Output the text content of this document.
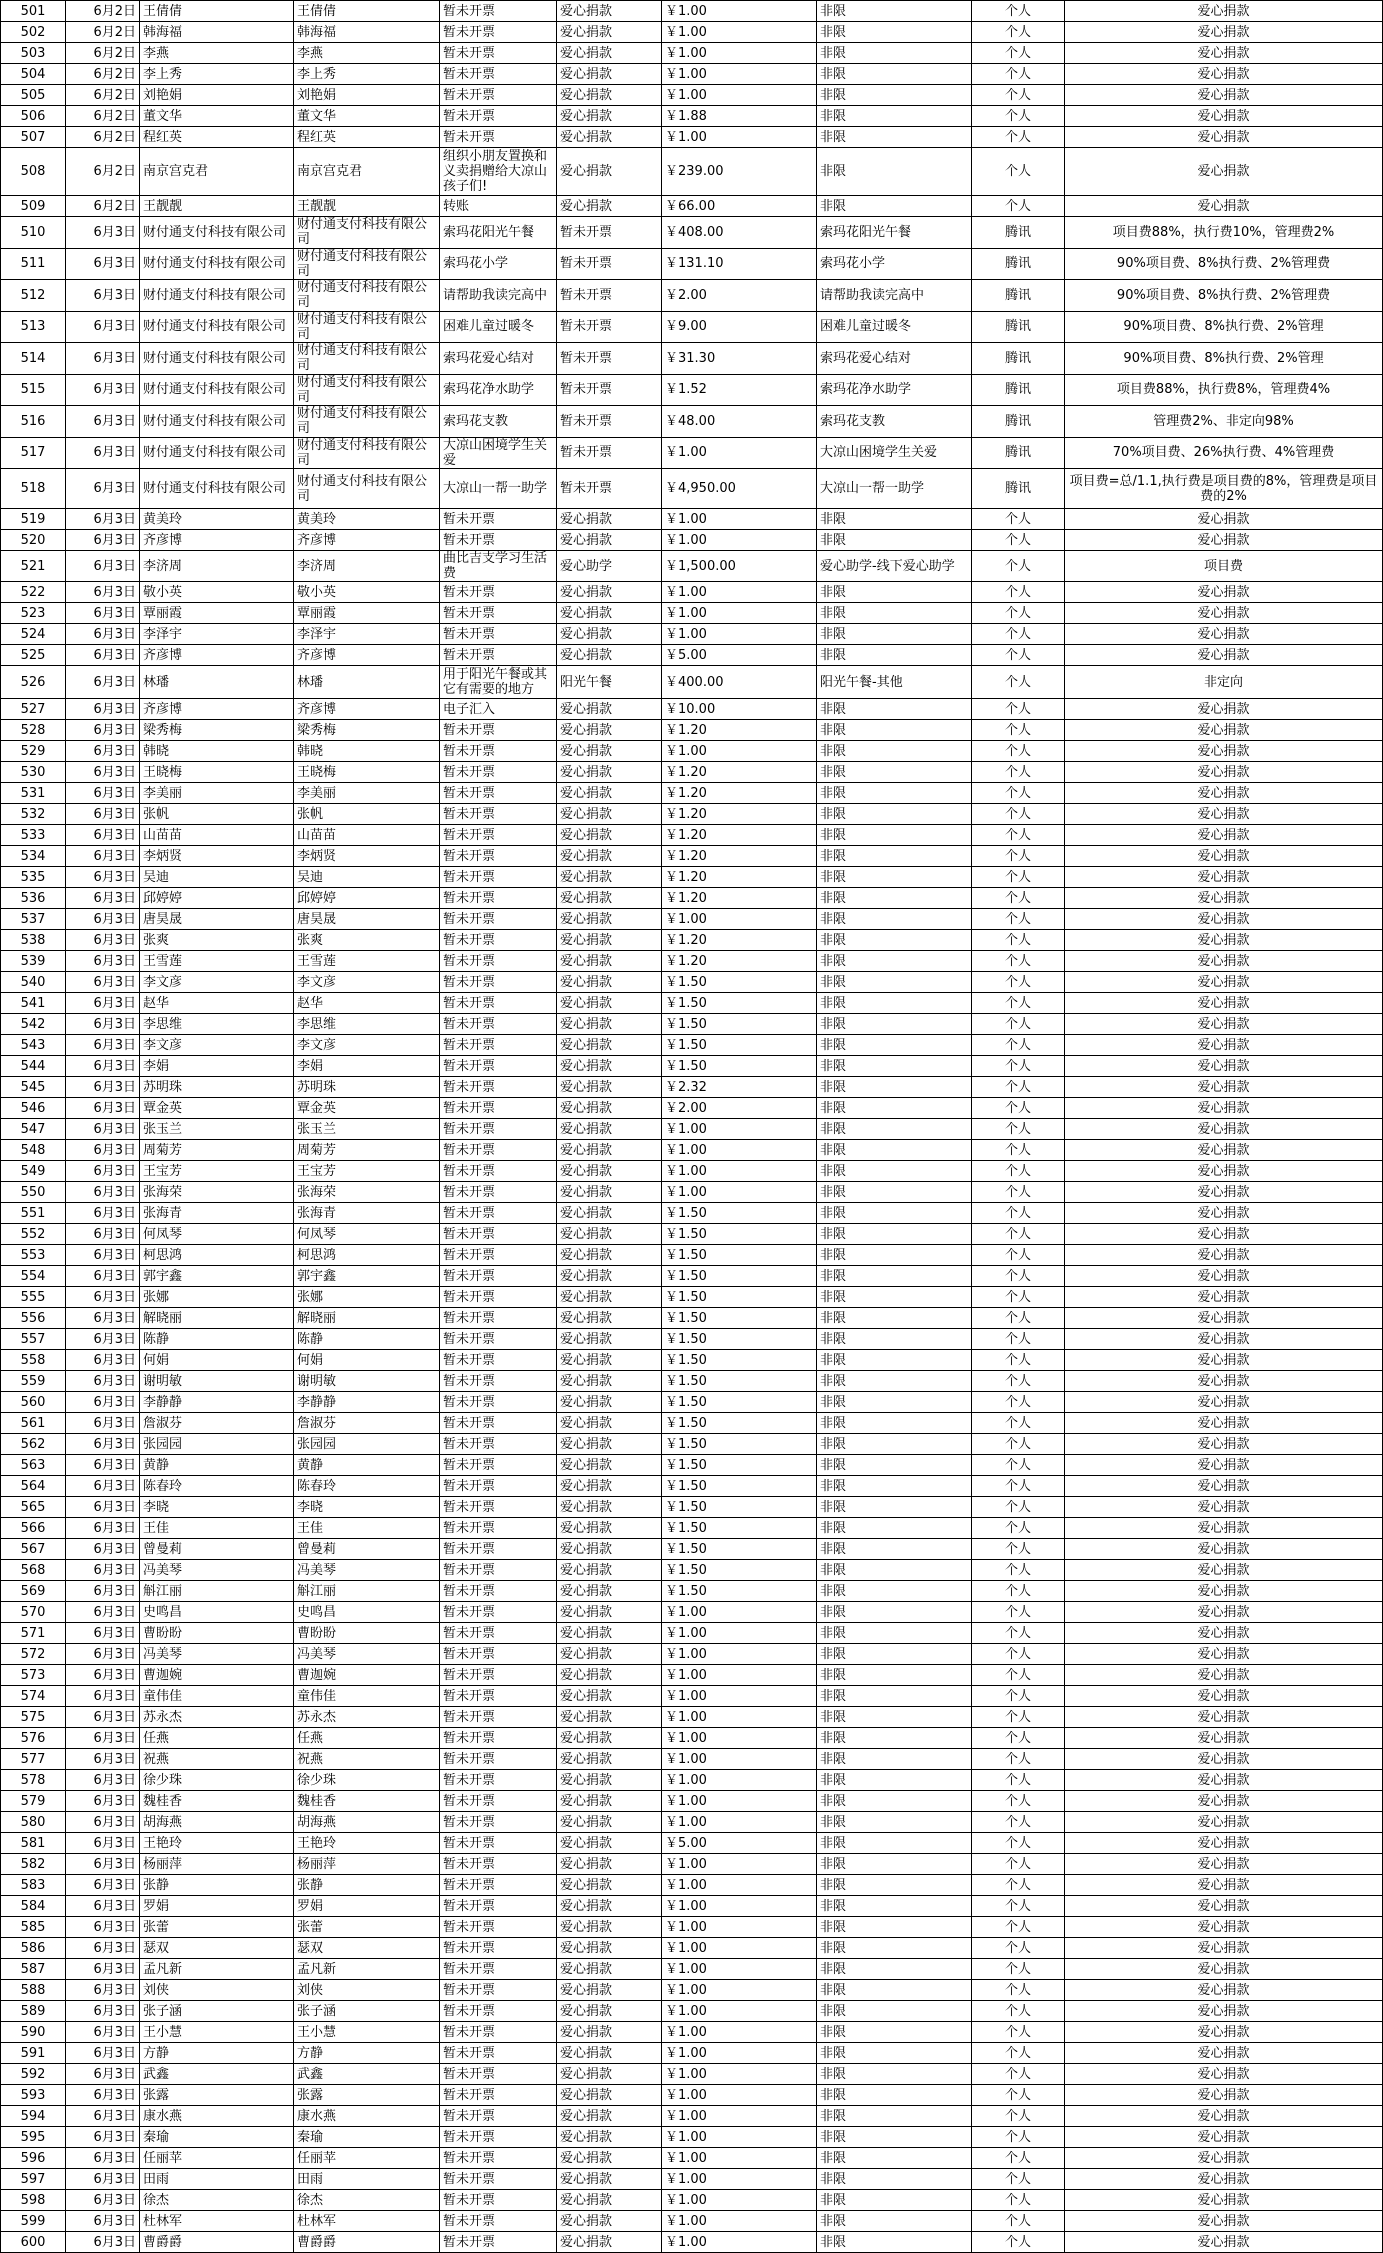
501	6月2日	王倩倩	王倩倩	暂未开票	爱心捐款	￥1.00	非限	个人	爱心捐款
502	6月2日	韩海福	韩海福	暂未开票	爱心捐款	￥1.00	非限	个人	爱心捐款
503	6月2日	李燕	李燕	暂未开票	爱心捐款	￥1.00	非限	个人	爱心捐款
504	6月2日	李上秀	李上秀	暂未开票	爱心捐款	￥1.00	非限	个人	爱心捐款
505	6月2日	刘艳娟	刘艳娟	暂未开票	爱心捐款	￥1.00	非限	个人	爱心捐款
506	6月2日	董文华	董文华	暂未开票	爱心捐款	￥1.88	非限	个人	爱心捐款
507	6月2日	程红英	程红英	暂未开票	爱心捐款	￥1.00	非限	个人	爱心捐款
508	6月2日	南京宫克君	南京宫克君	组织小朋友置换和义卖捐赠给大凉山孩子们!	爱心捐款	￥239.00	非限	个人	爱心捐款
509	6月2日	王靓靓	王靓靓	转账	爱心捐款	￥66.00	非限	个人	爱心捐款
510	6月3日	财付通支付科技有限公司	财付通支付科技有限公司	索玛花阳光午餐	暂未开票	￥408.00	索玛花阳光午餐	腾讯	项目费88%，执行费10%，管理费2%
511	6月3日	财付通支付科技有限公司	财付通支付科技有限公司	索玛花小学	暂未开票	￥131.10	索玛花小学	腾讯	90%项目费、8%执行费、2%管理费
512	6月3日	财付通支付科技有限公司	财付通支付科技有限公司	请帮助我读完高中	暂未开票	￥2.00	请帮助我读完高中	腾讯	90%项目费、8%执行费、2%管理费
513	6月3日	财付通支付科技有限公司	财付通支付科技有限公司	困难儿童过暖冬	暂未开票	￥9.00	困难儿童过暖冬	腾讯	90%项目费、8%执行费、2%管理
514	6月3日	财付通支付科技有限公司	财付通支付科技有限公司	索玛花爱心结对	暂未开票	￥31.30	索玛花爱心结对	腾讯	90%项目费、8%执行费、2%管理
515	6月3日	财付通支付科技有限公司	财付通支付科技有限公司	索玛花净水助学	暂未开票	￥1.52	索玛花净水助学	腾讯	项目费88%，执行费8%，管理费4%
516	6月3日	财付通支付科技有限公司	财付通支付科技有限公司	索玛花支教	暂未开票	￥48.00	索玛花支教	腾讯	管理费2%、非定向98%
517	6月3日	财付通支付科技有限公司	财付通支付科技有限公司	大凉山困境学生关爱	暂未开票	￥1.00	大凉山困境学生关爱	腾讯	70%项目费、26%执行费、4%管理费
518	6月3日	财付通支付科技有限公司	财付通支付科技有限公司	大凉山一帮一助学	暂未开票	￥4,950.00	大凉山一帮一助学	腾讯	项目费=总/1.1,执行费是项目费的8%，管理费是项目费的2%
519	6月3日	黄美玲	黄美玲	暂未开票	爱心捐款	￥1.00	非限	个人	爱心捐款
520	6月3日	齐彦博	齐彦博	暂未开票	爱心捐款	￥1.00	非限	个人	爱心捐款
521	6月3日	李济周	李济周	曲比吉支学习生活费	爱心助学	￥1,500.00	爱心助学-线下爱心助学	个人	项目费
522	6月3日	敬小英	敬小英	暂未开票	爱心捐款	￥1.00	非限	个人	爱心捐款
523	6月3日	覃丽霞	覃丽霞	暂未开票	爱心捐款	￥1.00	非限	个人	爱心捐款
524	6月3日	李泽宇	李泽宇	暂未开票	爱心捐款	￥1.00	非限	个人	爱心捐款
525	6月3日	齐彦博	齐彦博	暂未开票	爱心捐款	￥5.00	非限	个人	爱心捐款
526	6月3日	林璠	林璠	用于阳光午餐或其它有需要的地方	阳光午餐	￥400.00	阳光午餐-其他	个人	非定向
527	6月3日	齐彦博	齐彦博	电子汇入	爱心捐款	￥10.00	非限	个人	爱心捐款
528	6月3日	梁秀梅	梁秀梅	暂未开票	爱心捐款	￥1.20	非限	个人	爱心捐款
529	6月3日	韩晓	韩晓	暂未开票	爱心捐款	￥1.00	非限	个人	爱心捐款
530	6月3日	王晓梅	王晓梅	暂未开票	爱心捐款	￥1.20	非限	个人	爱心捐款
531	6月3日	李美丽	李美丽	暂未开票	爱心捐款	￥1.20	非限	个人	爱心捐款
532	6月3日	张帆	张帆	暂未开票	爱心捐款	￥1.20	非限	个人	爱心捐款
533	6月3日	山苗苗	山苗苗	暂未开票	爱心捐款	￥1.20	非限	个人	爱心捐款
534	6月3日	李炳贤	李炳贤	暂未开票	爱心捐款	￥1.20	非限	个人	爱心捐款
535	6月3日	吴迪	吴迪	暂未开票	爱心捐款	￥1.20	非限	个人	爱心捐款
536	6月3日	邱婷婷	邱婷婷	暂未开票	爱心捐款	￥1.20	非限	个人	爱心捐款
537	6月3日	唐昊晟	唐昊晟	暂未开票	爱心捐款	￥1.00	非限	个人	爱心捐款
538	6月3日	张爽	张爽	暂未开票	爱心捐款	￥1.20	非限	个人	爱心捐款
539	6月3日	王雪莲	王雪莲	暂未开票	爱心捐款	￥1.20	非限	个人	爱心捐款
540	6月3日	李文彦	李文彦	暂未开票	爱心捐款	￥1.50	非限	个人	爱心捐款
541	6月3日	赵华	赵华	暂未开票	爱心捐款	￥1.50	非限	个人	爱心捐款
542	6月3日	李思维	李思维	暂未开票	爱心捐款	￥1.50	非限	个人	爱心捐款
543	6月3日	李文彦	李文彦	暂未开票	爱心捐款	￥1.50	非限	个人	爱心捐款
544	6月3日	李娟	李娟	暂未开票	爱心捐款	￥1.50	非限	个人	爱心捐款
545	6月3日	苏明珠	苏明珠	暂未开票	爱心捐款	￥2.32	非限	个人	爱心捐款
546	6月3日	覃金英	覃金英	暂未开票	爱心捐款	￥2.00	非限	个人	爱心捐款
547	6月3日	张玉兰	张玉兰	暂未开票	爱心捐款	￥1.00	非限	个人	爱心捐款
548	6月3日	周菊芳	周菊芳	暂未开票	爱心捐款	￥1.00	非限	个人	爱心捐款
549	6月3日	王宝芳	王宝芳	暂未开票	爱心捐款	￥1.00	非限	个人	爱心捐款
550	6月3日	张海荣	张海荣	暂未开票	爱心捐款	￥1.00	非限	个人	爱心捐款
551	6月3日	张海青	张海青	暂未开票	爱心捐款	￥1.50	非限	个人	爱心捐款
552	6月3日	何凤琴	何凤琴	暂未开票	爱心捐款	￥1.50	非限	个人	爱心捐款
553	6月3日	柯思鸿	柯思鸿	暂未开票	爱心捐款	￥1.50	非限	个人	爱心捐款
554	6月3日	郭宇鑫	郭宇鑫	暂未开票	爱心捐款	￥1.50	非限	个人	爱心捐款
555	6月3日	张娜	张娜	暂未开票	爱心捐款	￥1.50	非限	个人	爱心捐款
556	6月3日	解晓丽	解晓丽	暂未开票	爱心捐款	￥1.50	非限	个人	爱心捐款
557	6月3日	陈静	陈静	暂未开票	爱心捐款	￥1.50	非限	个人	爱心捐款
558	6月3日	何娟	何娟	暂未开票	爱心捐款	￥1.50	非限	个人	爱心捐款
559	6月3日	谢明敏	谢明敏	暂未开票	爱心捐款	￥1.50	非限	个人	爱心捐款
560	6月3日	李静静	李静静	暂未开票	爱心捐款	￥1.50	非限	个人	爱心捐款
561	6月3日	詹淑芬	詹淑芬	暂未开票	爱心捐款	￥1.50	非限	个人	爱心捐款
562	6月3日	张园园	张园园	暂未开票	爱心捐款	￥1.50	非限	个人	爱心捐款
563	6月3日	黄静	黄静	暂未开票	爱心捐款	￥1.50	非限	个人	爱心捐款
564	6月3日	陈春玲	陈春玲	暂未开票	爱心捐款	￥1.50	非限	个人	爱心捐款
565	6月3日	李晓	李晓	暂未开票	爱心捐款	￥1.50	非限	个人	爱心捐款
566	6月3日	王佳	王佳	暂未开票	爱心捐款	￥1.50	非限	个人	爱心捐款
567	6月3日	曾曼莉	曾曼莉	暂未开票	爱心捐款	￥1.50	非限	个人	爱心捐款
568	6月3日	冯美琴	冯美琴	暂未开票	爱心捐款	￥1.50	非限	个人	爱心捐款
569	6月3日	斛江丽	斛江丽	暂未开票	爱心捐款	￥1.50	非限	个人	爱心捐款
570	6月3日	史鸣昌	史鸣昌	暂未开票	爱心捐款	￥1.00	非限	个人	爱心捐款
571	6月3日	曹盼盼	曹盼盼	暂未开票	爱心捐款	￥1.00	非限	个人	爱心捐款
572	6月3日	冯美琴	冯美琴	暂未开票	爱心捐款	￥1.00	非限	个人	爱心捐款
573	6月3日	曹迦婉	曹迦婉	暂未开票	爱心捐款	￥1.00	非限	个人	爱心捐款
574	6月3日	童伟佳	童伟佳	暂未开票	爱心捐款	￥1.00	非限	个人	爱心捐款
575	6月3日	苏永杰	苏永杰	暂未开票	爱心捐款	￥1.00	非限	个人	爱心捐款
576	6月3日	任燕	任燕	暂未开票	爱心捐款	￥1.00	非限	个人	爱心捐款
577	6月3日	祝燕	祝燕	暂未开票	爱心捐款	￥1.00	非限	个人	爱心捐款
578	6月3日	徐少珠	徐少珠	暂未开票	爱心捐款	￥1.00	非限	个人	爱心捐款
579	6月3日	魏桂香	魏桂香	暂未开票	爱心捐款	￥1.00	非限	个人	爱心捐款
580	6月3日	胡海燕	胡海燕	暂未开票	爱心捐款	￥1.00	非限	个人	爱心捐款
581	6月3日	王艳玲	王艳玲	暂未开票	爱心捐款	￥5.00	非限	个人	爱心捐款
582	6月3日	杨丽萍	杨丽萍	暂未开票	爱心捐款	￥1.00	非限	个人	爱心捐款
583	6月3日	张静	张静	暂未开票	爱心捐款	￥1.00	非限	个人	爱心捐款
584	6月3日	罗娟	罗娟	暂未开票	爱心捐款	￥1.00	非限	个人	爱心捐款
585	6月3日	张蕾	张蕾	暂未开票	爱心捐款	￥1.00	非限	个人	爱心捐款
586	6月3日	瑟双	瑟双	暂未开票	爱心捐款	￥1.00	非限	个人	爱心捐款
587	6月3日	孟凡新	孟凡新	暂未开票	爱心捐款	￥1.00	非限	个人	爱心捐款
588	6月3日	刘侠	刘侠	暂未开票	爱心捐款	￥1.00	非限	个人	爱心捐款
589	6月3日	张子涵	张子涵	暂未开票	爱心捐款	￥1.00	非限	个人	爱心捐款
590	6月3日	王小慧	王小慧	暂未开票	爱心捐款	￥1.00	非限	个人	爱心捐款
591	6月3日	方静	方静	暂未开票	爱心捐款	￥1.00	非限	个人	爱心捐款
592	6月3日	武鑫	武鑫	暂未开票	爱心捐款	￥1.00	非限	个人	爱心捐款
593	6月3日	张露	张露	暂未开票	爱心捐款	￥1.00	非限	个人	爱心捐款
594	6月3日	康水燕	康水燕	暂未开票	爱心捐款	￥1.00	非限	个人	爱心捐款
595	6月3日	秦瑜	秦瑜	暂未开票	爱心捐款	￥1.00	非限	个人	爱心捐款
596	6月3日	任丽苹	任丽苹	暂未开票	爱心捐款	￥1.00	非限	个人	爱心捐款
597	6月3日	田雨	田雨	暂未开票	爱心捐款	￥1.00	非限	个人	爱心捐款
598	6月3日	徐杰	徐杰	暂未开票	爱心捐款	￥1.00	非限	个人	爱心捐款
599	6月3日	杜林军	杜林军	暂未开票	爱心捐款	￥1.00	非限	个人	爱心捐款
600	6月3日	曹爵爵	曹爵爵	暂未开票	爱心捐款	￥1.00	非限	个人	爱心捐款
